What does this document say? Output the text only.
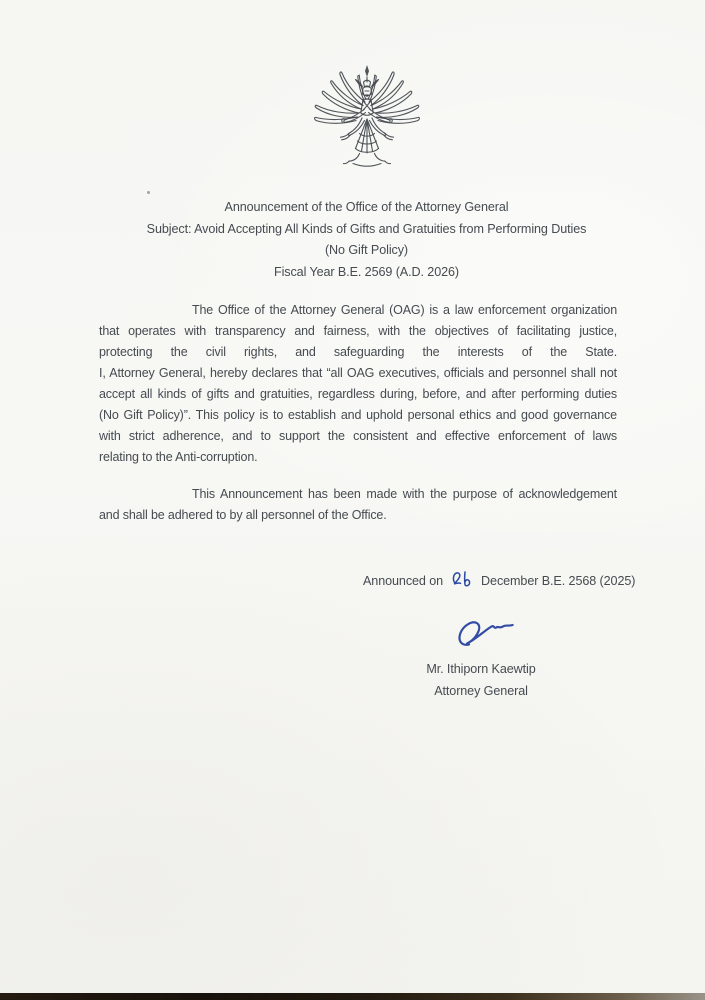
Announcement of the Office of the Attorney General
Subject: Avoid Accepting All Kinds of Gifts and Gratuities from Performing Duties
(No Gift Policy)
Fiscal Year B.E. 2569 (A.D. 2026)
The Office of the Attorney General (OAG) is a law enforcement organization
that operates with transparency and fairness, with the objectives of facilitating justice,
protecting the civil rights, and safeguarding the interests of the State.
I, Attorney General, hereby declares that “all OAG executives, officials and personnel shall not
accept all kinds of gifts and gratuities, regardless during, before, and after performing duties
(No Gift Policy)”. This policy is to establish and uphold personal ethics and good governance
with strict adherence, and to support the consistent and effective enforcement of laws
relating to the Anti-corruption.
This Announcement has been made with the purpose of acknowledgement
and shall be adhered to by all personnel of the Office.
Announced on	December B.E. 2568 (2025)
Mr. Ithiporn Kaewtip
Attorney General
